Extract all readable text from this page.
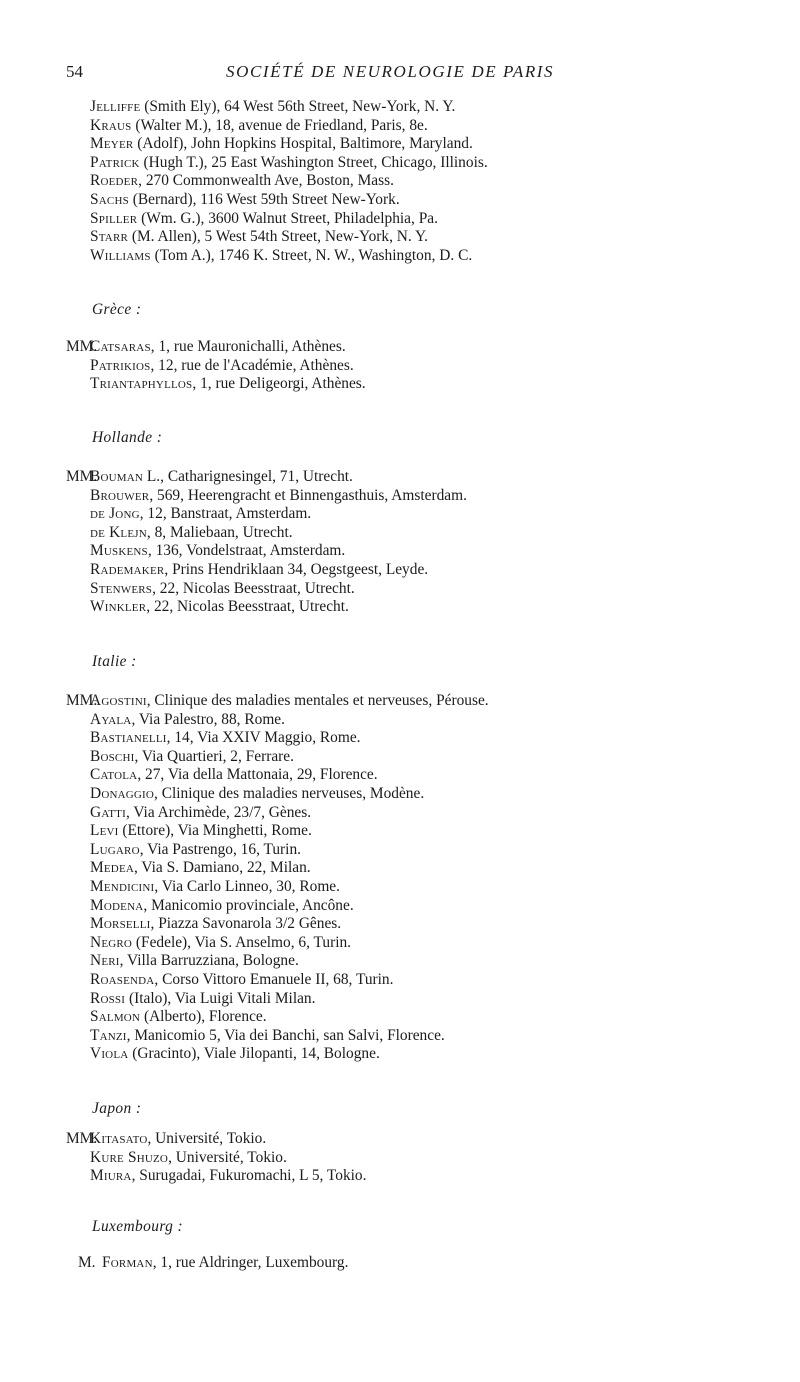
54	SOCIÉTÉ DE NEUROLOGIE DE PARIS
Jelliffe (Smith Ely), 64 West 56th Street, New-York, N. Y.
Kraus (Walter M.), 18, avenue de Friedland, Paris, 8e.
Meyer (Adolf), John Hopkins Hospital, Baltimore, Maryland.
Patrick (Hugh T.), 25 East Washington Street, Chicago, Illinois.
Roeder, 270 Commonwealth Ave, Boston, Mass.
Sachs (Bernard), 116 West 59th Street New-York.
Spiller (Wm. G.), 3600 Walnut Street, Philadelphia, Pa.
Starr (M. Allen), 5 West 54th Street, New-York, N. Y.
Williams (Tom A.), 1746 K. Street, N. W., Washington, D. C.
Grèce :
MM.
Catsaras, 1, rue Mauronichalli, Athènes.
Patrikios, 12, rue de l'Académie, Athènes.
Triantaphyllos, 1, rue Deligeorgi, Athènes.
Hollande :
MM.
Bouman L., Catharignesingel, 71, Utrecht.
Brouwer, 569, Heerengracht et Binnengasthuis, Amsterdam.
de Jong, 12, Banstraat, Amsterdam.
de Klejn, 8, Maliebaan, Utrecht.
Muskens, 136, Vondelstraat, Amsterdam.
Rademaker, Prins Hendriklaan 34, Oegstgeest, Leyde.
Stenwers, 22, Nicolas Beesstraat, Utrecht.
Winkler, 22, Nicolas Beesstraat, Utrecht.
Italie :
MM.
Agostini, Clinique des maladies mentales et nerveuses, Pérouse.
Ayala, Via Palestro, 88, Rome.
Bastianelli, 14, Via XXIV Maggio, Rome.
Boschi, Via Quartieri, 2, Ferrare.
Catola, 27, Via della Mattonaia, 29, Florence.
Donaggio, Clinique des maladies nerveuses, Modène.
Gatti, Via Archimède, 23/7, Gènes.
Levi (Ettore), Via Minghetti, Rome.
Lugaro, Via Pastrengo, 16, Turin.
Medea, Via S. Damiano, 22, Milan.
Mendicini, Via Carlo Linneo, 30, Rome.
Modena, Manicomio provinciale, Ancône.
Morselli, Piazza Savonarola 3/2 Gênes.
Negro (Fedele), Via S. Anselmo, 6, Turin.
Neri, Villa Barruzziana, Bologne.
Roasenda, Corso Vittoro Emanuele II, 68, Turin.
Rossi (Italo), Via Luigi Vitali Milan.
Salmon (Alberto), Florence.
Tanzi, Manicomio 5, Via dei Banchi, san Salvi, Florence.
Viola (Gracinto), Viale Jilopanti, 14, Bologne.
Japon :
MM.
Kitasato, Université, Tokio.
Kure Shuzo, Université, Tokio.
Miura, Surugadai, Fukuromachi, L 5, Tokio.
Luxembourg :
M. Forman, 1, rue Aldringer, Luxembourg.
